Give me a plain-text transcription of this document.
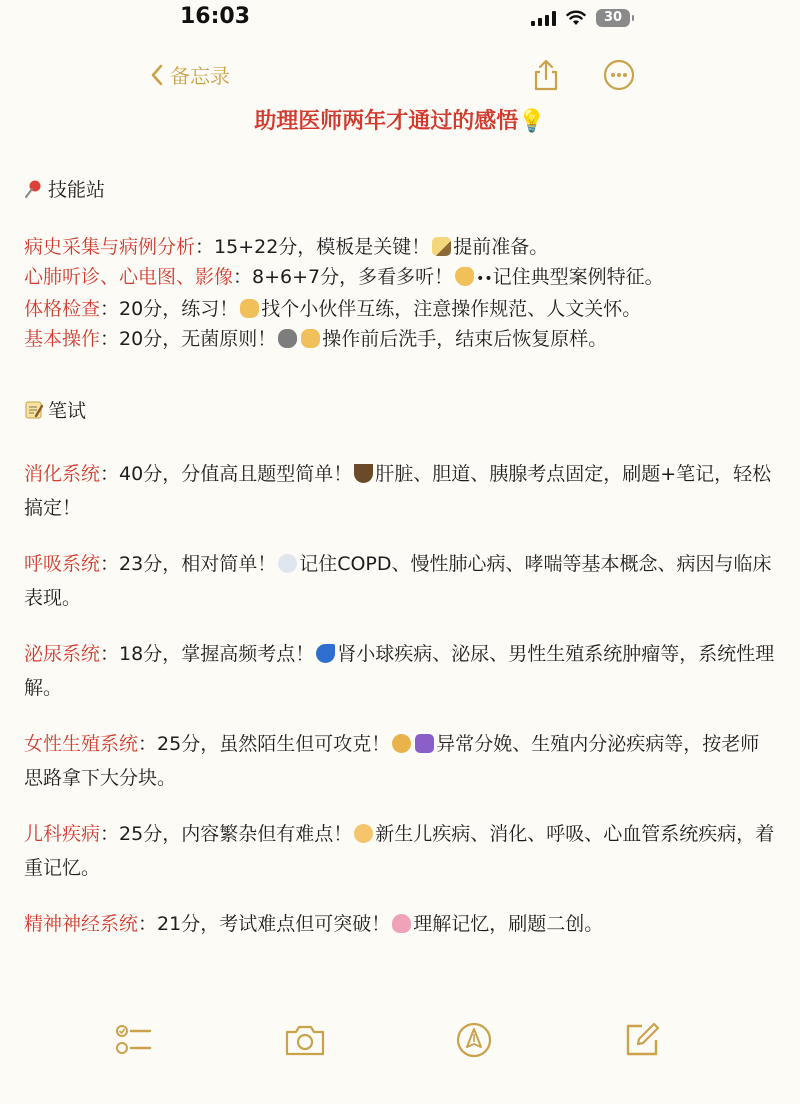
16:03	30
备忘录
助理医师两年才通过的感悟💡
技能站
病史采集与病例分析：15+22分，模板是关键！ 提前准备。
心肺听诊、心电图、影像：8+6+7分，多看多听！ ••记住典型案例特征。
体格检查：20分，练习！ 找个小伙伴互练，注意操作规范、人文关怀。
基本操作：20分，无菌原则！ 操作前后洗手，结束后恢复原样。
笔试
消化系统：40分，分值高且题型简单！ 肝脏、胆道、胰腺考点固定，刷题+笔记，轻松搞定！
呼吸系统：23分，相对简单！ 记住COPD、慢性肺心病、哮喘等基本概念、病因与临床表现。
泌尿系统：18分，掌握高频考点！ 肾小球疾病、泌尿、男性生殖系统肿瘤等，系统性理解。
女性生殖系统：25分，虽然陌生但可攻克！ 异常分娩、生殖内分泌疾病等，按老师思路拿下大分块。
儿科疾病：25分，内容繁杂但有难点！ 新生儿疾病、消化、呼吸、心血管系统疾病，着重记忆。
精神神经系统：21分，考试难点但可突破！ 理解记忆，刷题二创。
